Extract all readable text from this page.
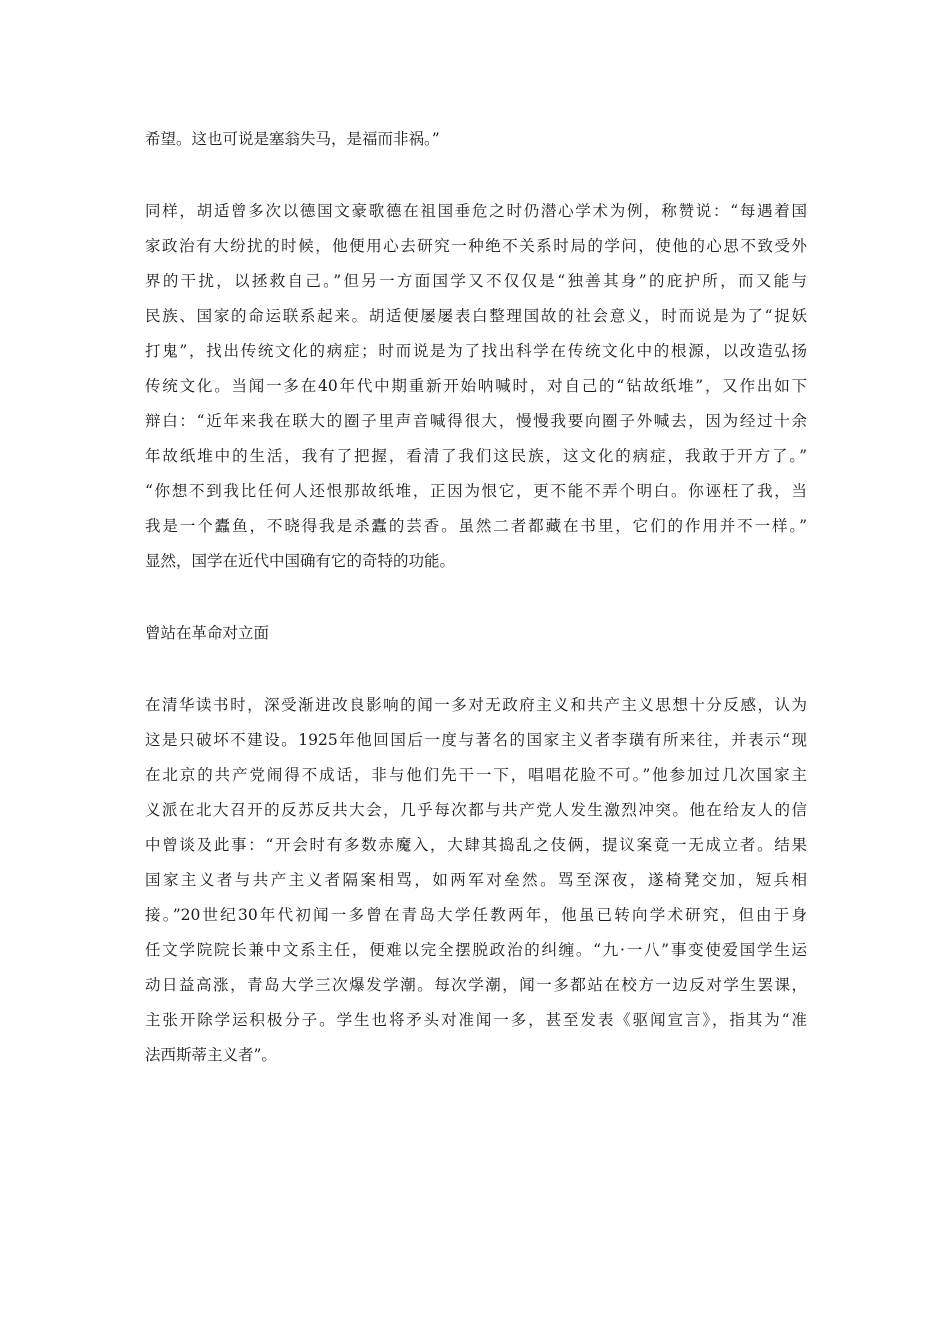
希望。这也可说是塞翁失马，是福而非祸。”
同样，胡适曾多次以德国文豪歌德在祖国垂危之时仍潜心学术为例，称赞说：“每遇着国
家政治有大纷扰的时候，他便用心去研究一种绝不关系时局的学问，使他的心思不致受外
界的干扰，以拯救自己。”但另一方面国学又不仅仅是“独善其身”的庇护所，而又能与
民族、国家的命运联系起来。胡适便屡屡表白整理国故的社会意义，时而说是为了“捉妖
打鬼”，找出传统文化的病症；时而说是为了找出科学在传统文化中的根源，以改造弘扬
传统文化。当闻一多在40年代中期重新开始呐喊时，对自己的“钻故纸堆”，又作出如下
辩白：“近年来我在联大的圈子里声音喊得很大，慢慢我要向圈子外喊去，因为经过十余
年故纸堆中的生活，我有了把握，看清了我们这民族，这文化的病症，我敢于开方了。”
“你想不到我比任何人还恨那故纸堆，正因为恨它，更不能不弄个明白。你诬枉了我，当
我是一个蠹鱼，不晓得我是杀蠹的芸香。虽然二者都藏在书里，它们的作用并不一样。”
显然，国学在近代中国确有它的奇特的功能。
曾站在革命对立面
在清华读书时，深受渐进改良影响的闻一多对无政府主义和共产主义思想十分反感，认为
这是只破坏不建设。1925年他回国后一度与著名的国家主义者李璜有所来往，并表示“现
在北京的共产党闹得不成话，非与他们先干一下，唱唱花脸不可。”他参加过几次国家主
义派在北大召开的反苏反共大会，几乎每次都与共产党人发生激烈冲突。他在给友人的信
中曾谈及此事：“开会时有多数赤魔入，大肆其捣乱之伎俩，提议案竟一无成立者。结果
国家主义者与共产主义者隔案相骂，如两军对垒然。骂至深夜，遂椅凳交加，短兵相
接。”20世纪30年代初闻一多曾在青岛大学任教两年，他虽已转向学术研究，但由于身
任文学院院长兼中文系主任，便难以完全摆脱政治的纠缠。“九·一八”事变使爱国学生运
动日益高涨，青岛大学三次爆发学潮。每次学潮，闻一多都站在校方一边反对学生罢课，
主张开除学运积极分子。学生也将矛头对准闻一多，甚至发表《驱闻宣言》，指其为“准
法西斯蒂主义者”。
